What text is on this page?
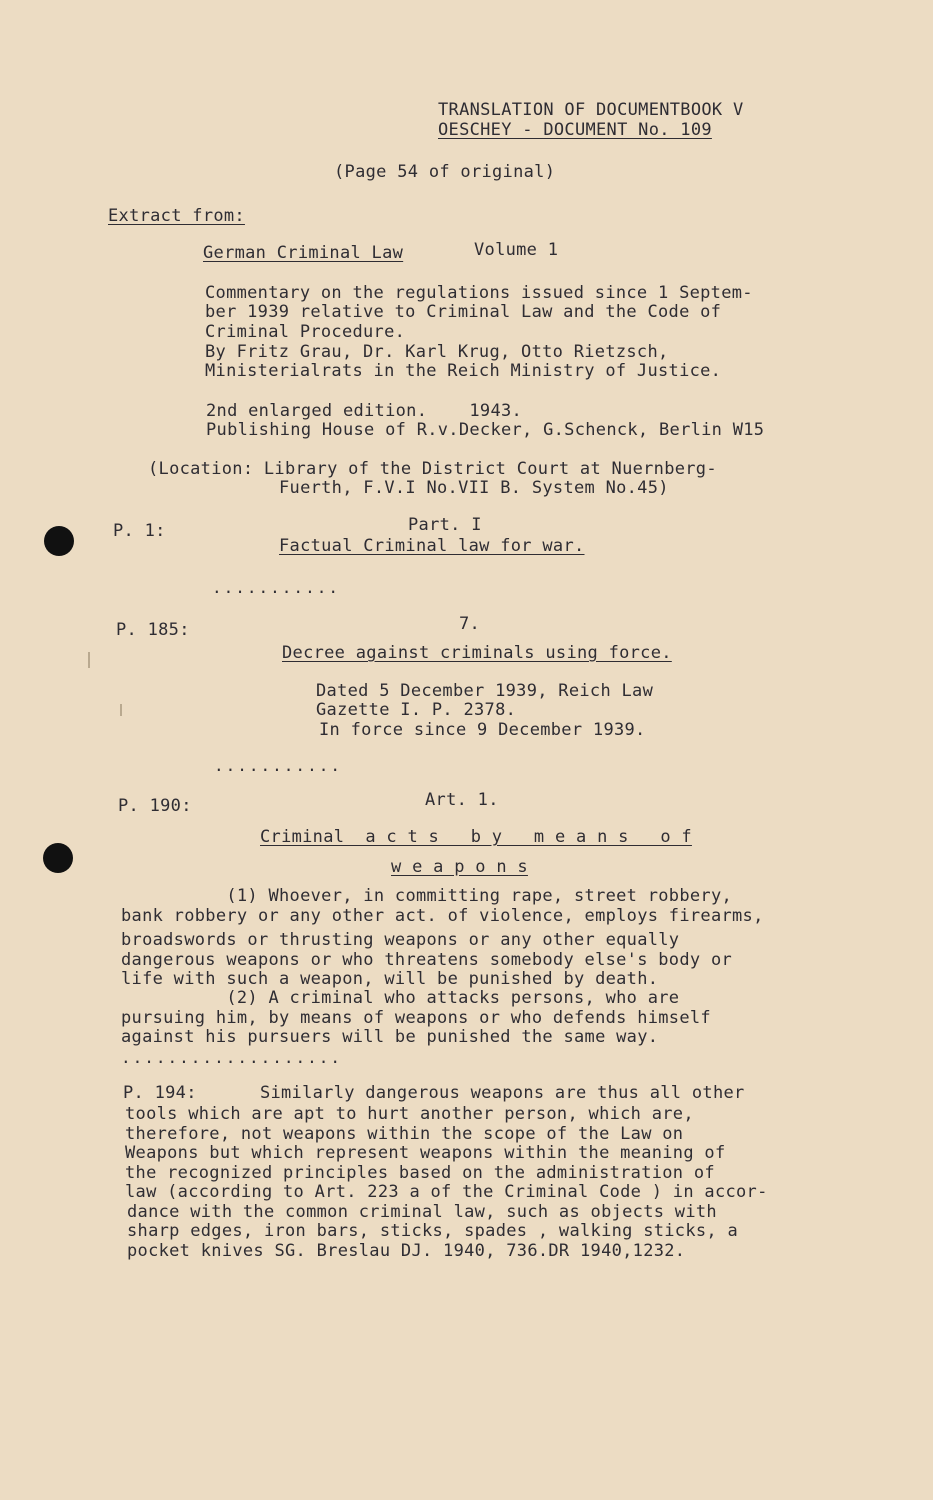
TRANSLATION OF DOCUMENTBOOK V
OESCHEY - DOCUMENT No. 109
(Page 54 of original)
Extract from:
German Criminal Law	Volume 1
Commentary on the regulations issued since 1 Septem-
ber 1939 relative to Criminal Law and the Code of
Criminal Procedure.
By Fritz Grau, Dr. Karl Krug, Otto Rietzsch,
Ministerialrats in the Reich Ministry of Justice.
2nd enlarged edition.    1943.
Publishing House of R.v.Decker, G.Schenck, Berlin W15
(Location: Library of the District Court at Nuernberg-
Fuerth, F.V.I No.VII B. System No.45)
P. 1:	Part. I
Factual Criminal law for war.
...........
P. 185:	7.
Decree against criminals using force.
Dated 5 December 1939, Reich Law
Gazette I. P. 2378.
In force since 9 December 1939.
...........
P. 190:	Art. 1.
Criminal  a c t s   b y   m e a n s   o f
w e a p o n s
(1) Whoever, in committing rape, street robbery,
bank robbery or any other act. of violence, employs firearms,
broadswords or thrusting weapons or any other equally
dangerous weapons or who threatens somebody else's body or
life with such a weapon, will be punished by death.
(2) A criminal who attacks persons, who are
pursuing him, by means of weapons or who defends himself
against his pursuers will be punished the same way.
...................
P. 194:      Similarly dangerous weapons are thus all other
tools which are apt to hurt another person, which are,
therefore, not weapons within the scope of the Law on
Weapons but which represent weapons within the meaning of
the recognized principles based on the administration of
law (according to Art. 223 a of the Criminal Code ) in accor-
dance with the common criminal law, such as objects with
sharp edges, iron bars, sticks, spades , walking sticks, a
pocket knives SG. Breslau DJ. 1940, 736.DR 1940,1232.
